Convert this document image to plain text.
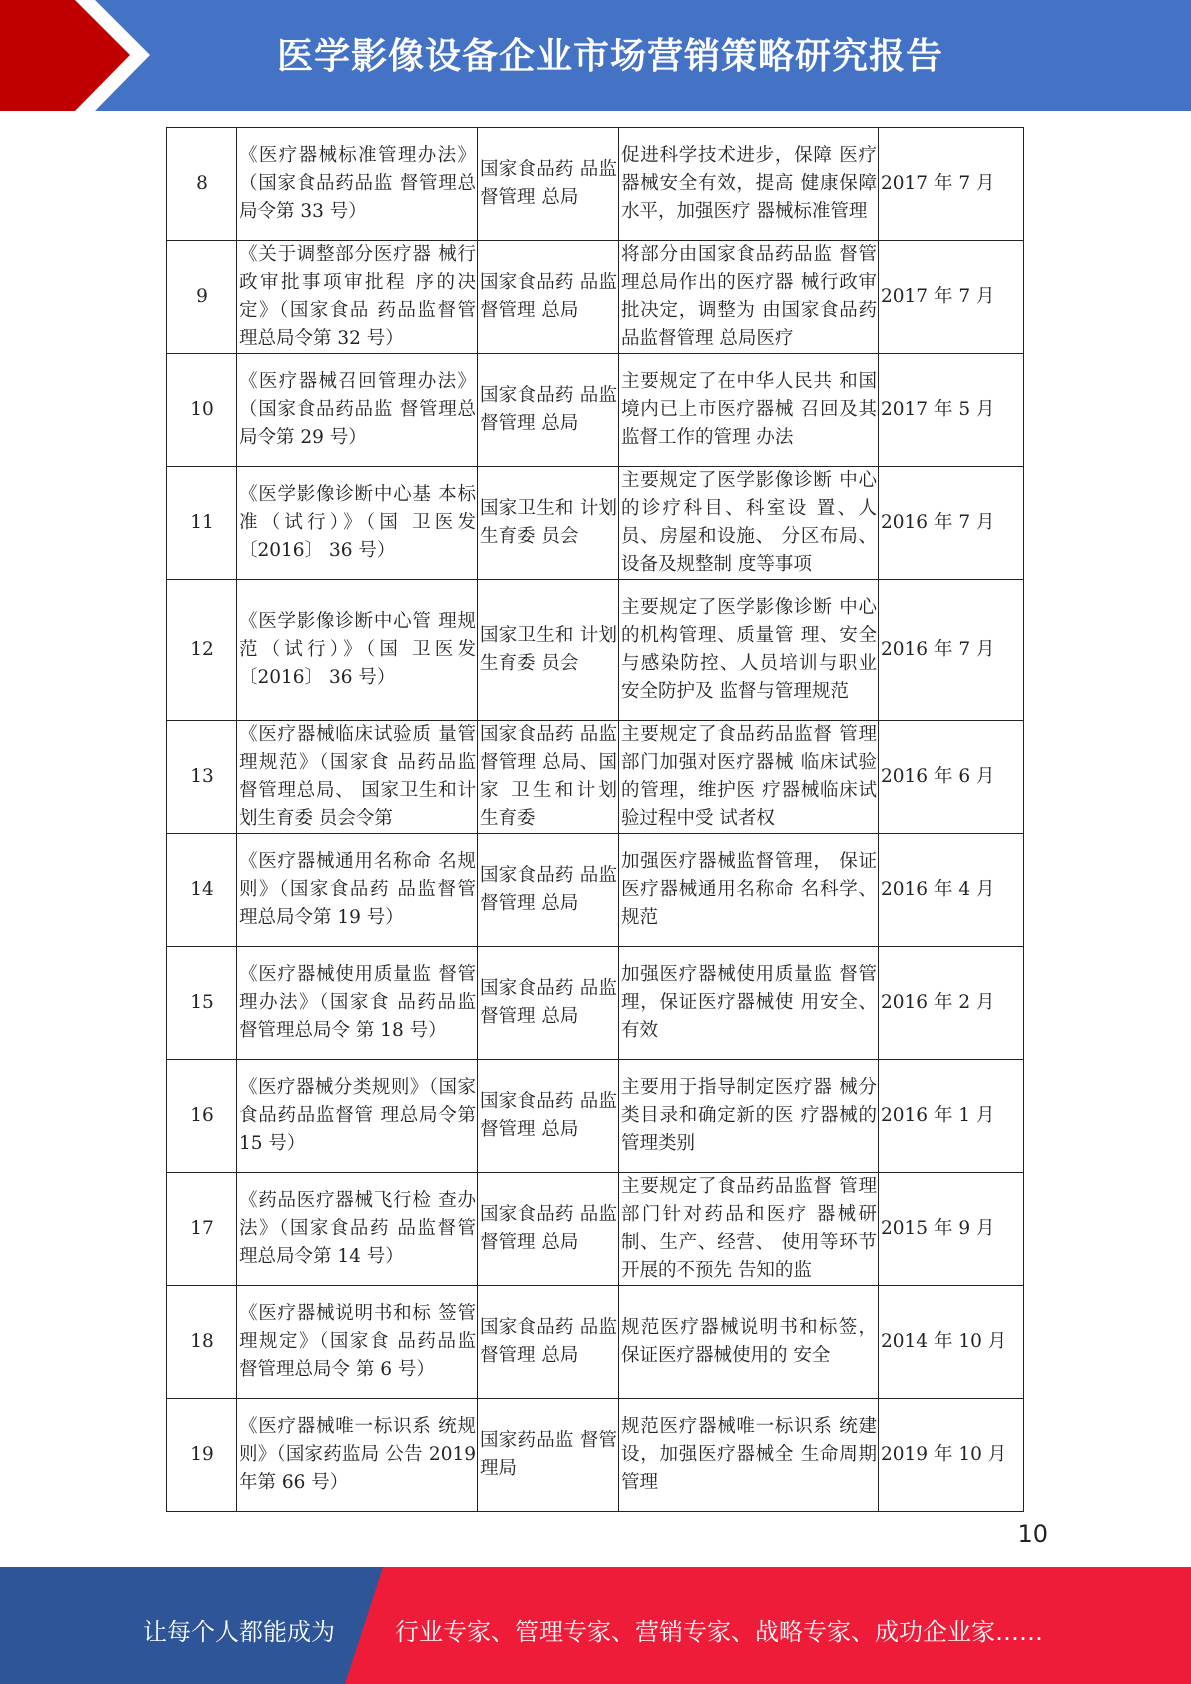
医学影像设备企业市场营销策略研究报告
8	《医疗器械标准管理办法》（国家食品药品监 督管理总局令第 33 号）	国家食品药 品监督管理 总局	促进科学技术进步，保障 医疗器械安全有效，提高 健康保障水平，加强医疗 器械标准管理	2017 年 7 月
9	《关于调整部分医疗器 械行政审批事项审批程 序的决定》（国家食品 药品监督管理总局令第 32 号）	国家食品药 品监督管理 总局	将部分由国家食品药品监 督管理总局作出的医疗器 械行政审批决定，调整为 由国家食品药品监督管理 总局医疗	2017 年 7 月
10	《医疗器械召回管理办法》（国家食品药品监 督管理总局令第 29 号）	国家食品药 品监督管理 总局	主要规定了在中华人民共 和国境内已上市医疗器械 召回及其监督工作的管理 办法	2017 年 5 月
11	《医学影像诊断中心基 本标准（试行）》（国 卫医发〔2016〕 36 号）	国家卫生和 计划生育委 员会	主要规定了医学影像诊断 中心的诊疗科目、科室设 置、人员、房屋和设施、 分区布局、设备及规整制 度等事项	2016 年 7 月
12	《医学影像诊断中心管 理规范（试行）》（国 卫医发〔2016〕 36 号）	国家卫生和 计划生育委 员会	主要规定了医学影像诊断 中心的机构管理、质量管 理、安全与感染防控、人员培训与职业安全防护及 监督与管理规范	2016 年 7 月
13	《医疗器械临床试验质 量管理规范》（国家食 品药品监督管理总局、 国家卫生和计划生育委 员会令第	国家食品药 品监督管理 总局、国家 卫生和计划 生育委	主要规定了食品药品监督 管理部门加强对医疗器械 临床试验的管理，维护医 疗器械临床试验过程中受 试者权	2016 年 6 月
14	《医疗器械通用名称命 名规则》（国家食品药 品监督管理总局令第 19 号）	国家食品药 品监督管理 总局	加强医疗器械监督管理， 保证医疗器械通用名称命 名科学、规范	2016 年 4 月
15	《医疗器械使用质量监 督管理办法》（国家食 品药品监督管理总局令 第 18 号）	国家食品药 品监督管理 总局	加强医疗器械使用质量监 督管理，保证医疗器械使 用安全、有效	2016 年 2 月
16	《医疗器械分类规则》（国家食品药品监督管 理总局令第 15 号）	国家食品药 品监督管理 总局	主要用于指导制定医疗器 械分类目录和确定新的医 疗器械的管理类别	2016 年 1 月
17	《药品医疗器械飞行检 查办法》（国家食品药 品监督管理总局令第 14 号）	国家食品药 品监督管理 总局	主要规定了食品药品监督 管理部门针对药品和医疗 器械研制、生产、经营、 使用等环节开展的不预先 告知的监	2015 年 9 月
18	《医疗器械说明书和标 签管理规定》（国家食 品药品监督管理总局令 第 6 号）	国家食品药 品监督管理 总局	规范医疗器械说明书和标签，保证医疗器械使用的 安全	2014 年 10 月
19	《医疗器械唯一标识系 统规则》（国家药监局 公告 2019 年第 66 号）	国家药品监 督管理局	规范医疗器械唯一标识系 统建设，加强医疗器械全 生命周期管理	2019 年 10 月
10
让每个人都能成为	行业专家、管理专家、营销专家、战略专家、成功企业家……
